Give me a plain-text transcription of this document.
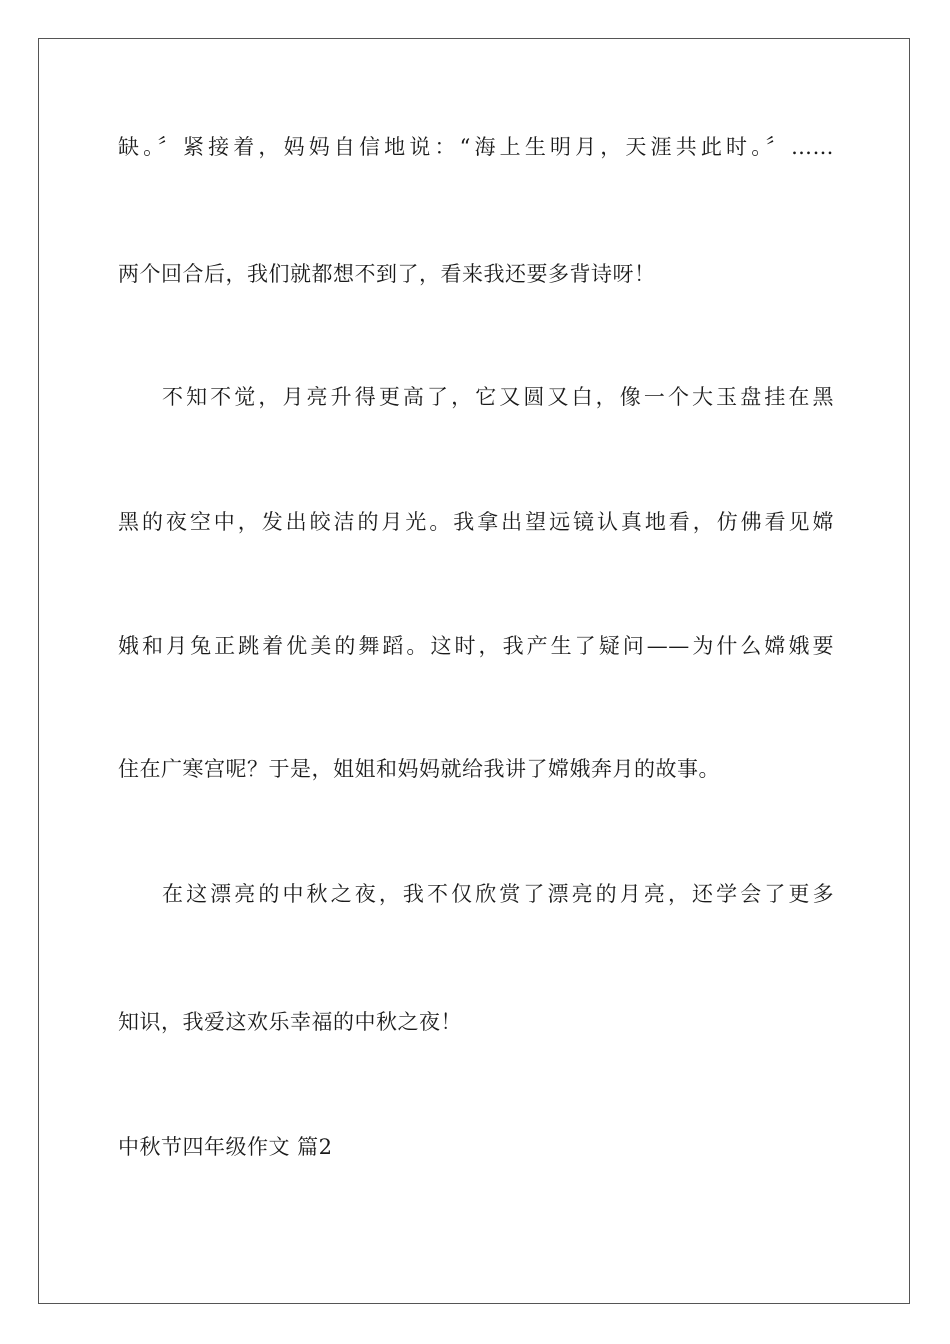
缺。〞紧接着，妈妈自信地说：“海上生明月，天涯共此时。〞……
两个回合后，我们就都想不到了，看来我还要多背诗呀！
不知不觉，月亮升得更高了，它又圆又白，像一个大玉盘挂在黑
黑的夜空中，发出皎洁的月光。我拿出望远镜认真地看，仿佛看见嫦
娥和月兔正跳着优美的舞蹈。这时，我产生了疑问——为什么嫦娥要
住在广寒宫呢？于是，姐姐和妈妈就给我讲了嫦娥奔月的故事。
在这漂亮的中秋之夜，我不仅欣赏了漂亮的月亮，还学会了更多
知识，我爱这欢乐幸福的中秋之夜！
中秋节四年级作文 篇2
